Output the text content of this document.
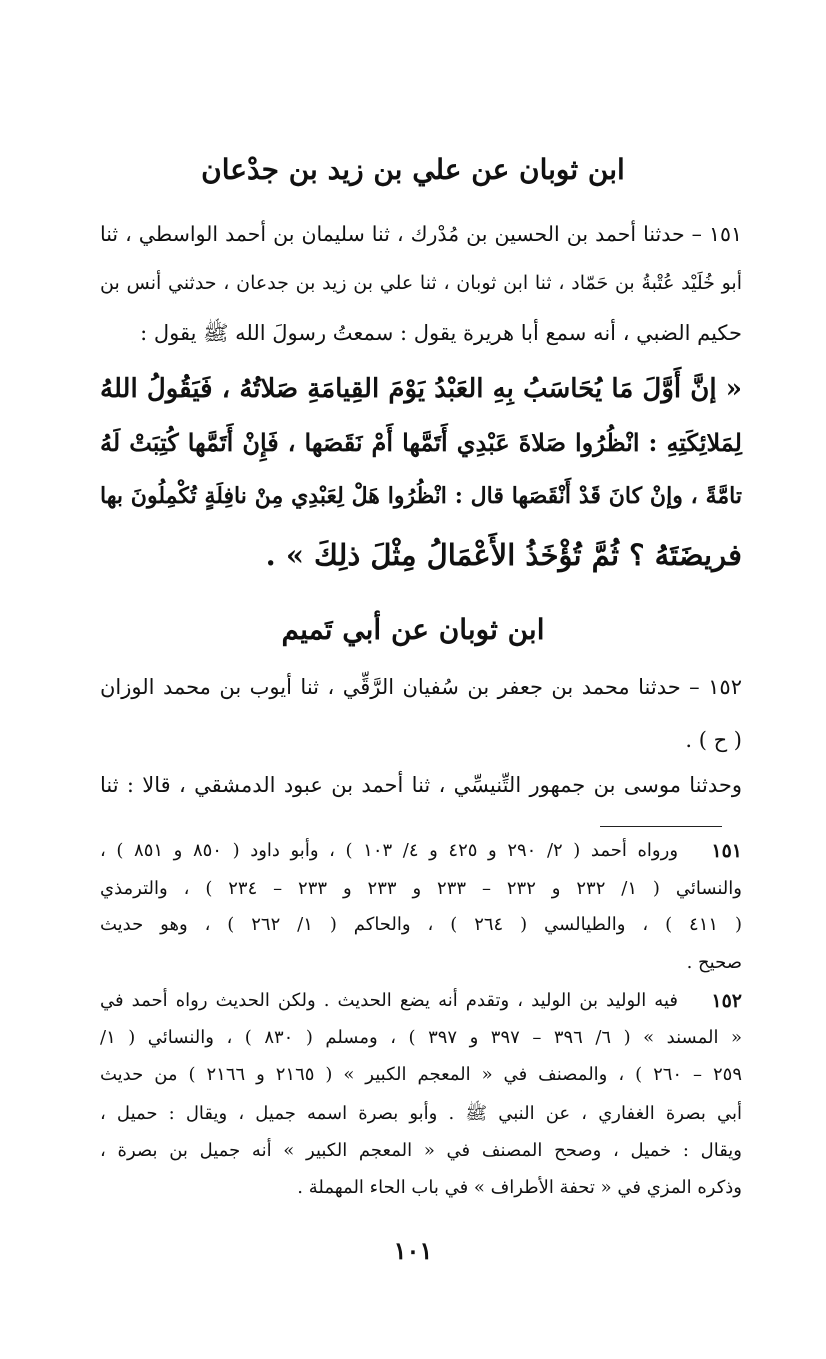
ابن ثوبان عن علي بن زيد بن جدْعان
١٥١ – حدثنا أحمد بن الحسين بن مُدْرك ، ثنا سليمان بن أحمد الواسطي ، ثنا
أبو خُلَيْد عُتْبةُ بن حَمّاد ، ثنا ابن ثوبان ، ثنا علي بن زيد بن جدعان ، حدثني أنس بن
حكيم الضبي ، أنه سمع أبا هريرة يقول : سمعتُ رسولَ الله ﷺ يقول :
« إنَّ أَوَّلَ مَا يُحَاسَبُ بِهِ العَبْدُ يَوْمَ القِيامَةِ صَلاتُهُ ، فَيَقُولُ اللهُ
لِمَلائِكَتِهِ : انْظُرُوا صَلاةَ عَبْدِي أَتَمَّها أَمْ نَقَصَها ، فَإِنْ أَتَمَّها كُتِبَتْ لَهُ
تامَّةً ، وإنْ كانَ قَدْ أَنْقَصَها قال : انْظُرُوا هَلْ لِعَبْدِي مِنْ نافِلَةٍ تُكْمِلُونَ بها
فريضَتَهُ ؟ ثُمَّ تُؤْخَذُ الأَعْمَالُ مِثْلَ ذلِكَ » .
ابن ثوبان عن أبي تَميم
١٥٢ – حدثنا محمد بن جعفر بن سُفيان الرَّقِّي ، ثنا أيوب بن محمد الوزان
( ح ) .
وحدثنا موسى بن جمهور التِّنيسِّي ، ثنا أحمد بن عبود الدمشقي ، قالا : ثنا
١٥١
ورواه أحمد ( ٢/ ٢٩٠ و ٤٢٥ و ٤/ ١٠٣ ) ، وأبو داود ( ٨٥٠ و ٨٥١ ) ،
والنسائي ( ١/ ٢٣٢ و ٢٣٢ – ٢٣٣ و ٢٣٣ و ٢٣٣ – ٢٣٤ ) ، والترمذي
( ٤١١ ) ، والطيالسي ( ٢٦٤ ) ، والحاكم ( ١/ ٢٦٢ ) ، وهو حديث
صحيح .
١٥٢
فيه الوليد بن الوليد ، وتقدم أنه يضع الحديث . ولكن الحديث رواه أحمد في
« المسند » ( ٦/ ٣٩٦ – ٣٩٧ و ٣٩٧ ) ، ومسلم ( ٨٣٠ ) ، والنسائي ( ١/
٢٥٩ – ٢٦٠ ) ، والمصنف في « المعجم الكبير » ( ٢١٦٥ و ٢١٦٦ ) من حديث
أبي بصرة الغفاري ، عن النبي ﷺ . وأبو بصرة اسمه جميل ، ويقال : حميل ،
ويقال : خميل ، وصحح المصنف في « المعجم الكبير » أنه جميل بن بصرة ،
وذكره المزي في « تحفة الأطراف » في باب الحاء المهملة .
١٠١
